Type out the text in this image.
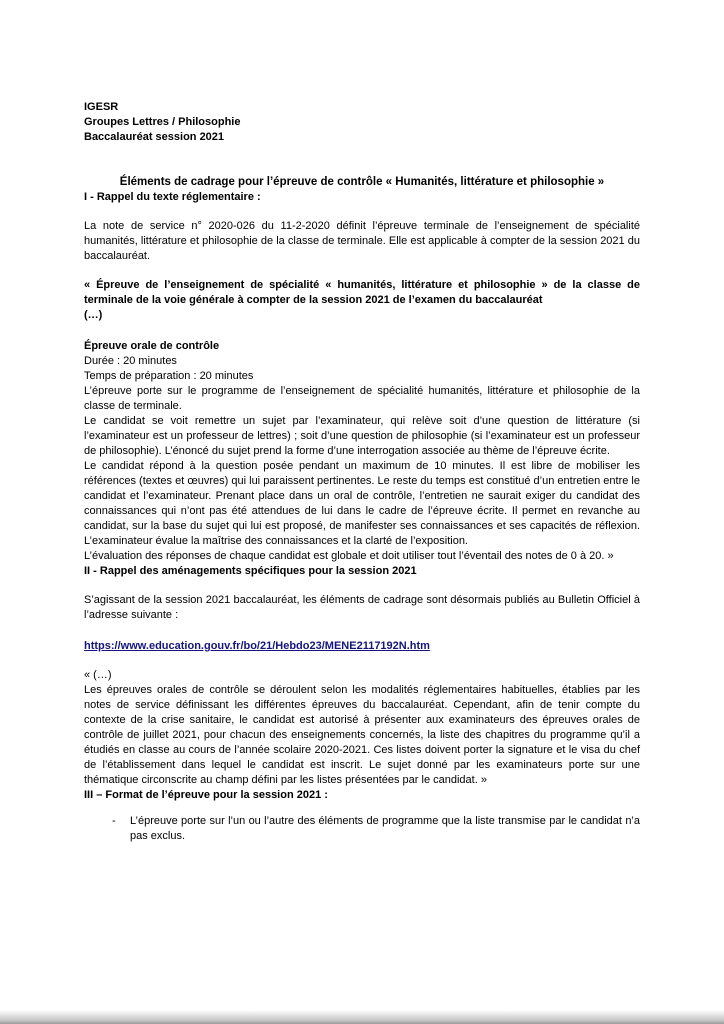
IGESR
Groupes Lettres / Philosophie
Baccalauréat session 2021
Éléments de cadrage pour l’épreuve de contrôle « Humanités, littérature et philosophie »
I - Rappel du texte réglementaire :

La note de service n° 2020-026 du 11-2-2020 définit l’épreuve terminale de l’enseignement de spécialité humanités, littérature et philosophie de la classe de terminale. Elle est applicable à compter de la session 2021 du baccalauréat.

« Épreuve de l’enseignement de spécialité « humanités, littérature et philosophie » de la classe de terminale de la voie générale à compter de la session 2021 de l’examen du baccalauréat

(…)

Épreuve orale de contrôle

Durée : 20 minutes

Temps de préparation : 20 minutes

L’épreuve porte sur le programme de l’enseignement de spécialité humanités, littérature et philosophie de la classe de terminale.

Le candidat se voit remettre un sujet par l’examinateur, qui relève soit d’une question de littérature (si l’examinateur est un professeur de lettres) ; soit d’une question de philosophie (si l’examinateur est un professeur de philosophie). L’énoncé du sujet prend la forme d’une interrogation associée au thème de l’épreuve écrite.

Le candidat répond à la question posée pendant un maximum de 10 minutes. Il est libre de mobiliser les références (textes et œuvres) qui lui paraissent pertinentes. Le reste du temps est constitué d’un entretien entre le candidat et l’examinateur. Prenant place dans un oral de contrôle, l’entretien ne saurait exiger du candidat des connaissances qui n’ont pas été attendues de lui dans le cadre de l’épreuve écrite. Il permet en revanche au candidat, sur la base du sujet qui lui est proposé, de manifester ses connaissances et ses capacités de réflexion. L’examinateur évalue la maîtrise des connaissances et la clarté de l’exposition.

L’évaluation des réponses de chaque candidat est globale et doit utiliser tout l’éventail des notes de 0 à 20. »

II - Rappel des aménagements spécifiques pour la session 2021

S’agissant de la session 2021 baccalauréat, les éléments de cadrage sont désormais publiés au Bulletin Officiel à l’adresse suivante :

https://www.education.gouv.fr/bo/21/Hebdo23/MENE2117192N.htm

« (…)

Les épreuves orales de contrôle se déroulent selon les modalités réglementaires habituelles, établies par les notes de service définissant les différentes épreuves du baccalauréat. Cependant, afin de tenir compte du contexte de la crise sanitaire, le candidat est autorisé à présenter aux examinateurs des épreuves orales de contrôle de juillet 2021, pour chacun des enseignements concernés, la liste des chapitres du programme qu’il a étudiés en classe au cours de l’année scolaire 2020-2021. Ces listes doivent porter la signature et le visa du chef de l’établissement dans lequel le candidat est inscrit. Le sujet donné par les examinateurs porte sur une thématique circonscrite au champ défini par les listes présentées par le candidat. »

III – Format de l’épreuve pour la session 2021 :
-	L’épreuve porte sur l’un ou l’autre des éléments de programme que la liste transmise par le candidat n’a pas exclus.
